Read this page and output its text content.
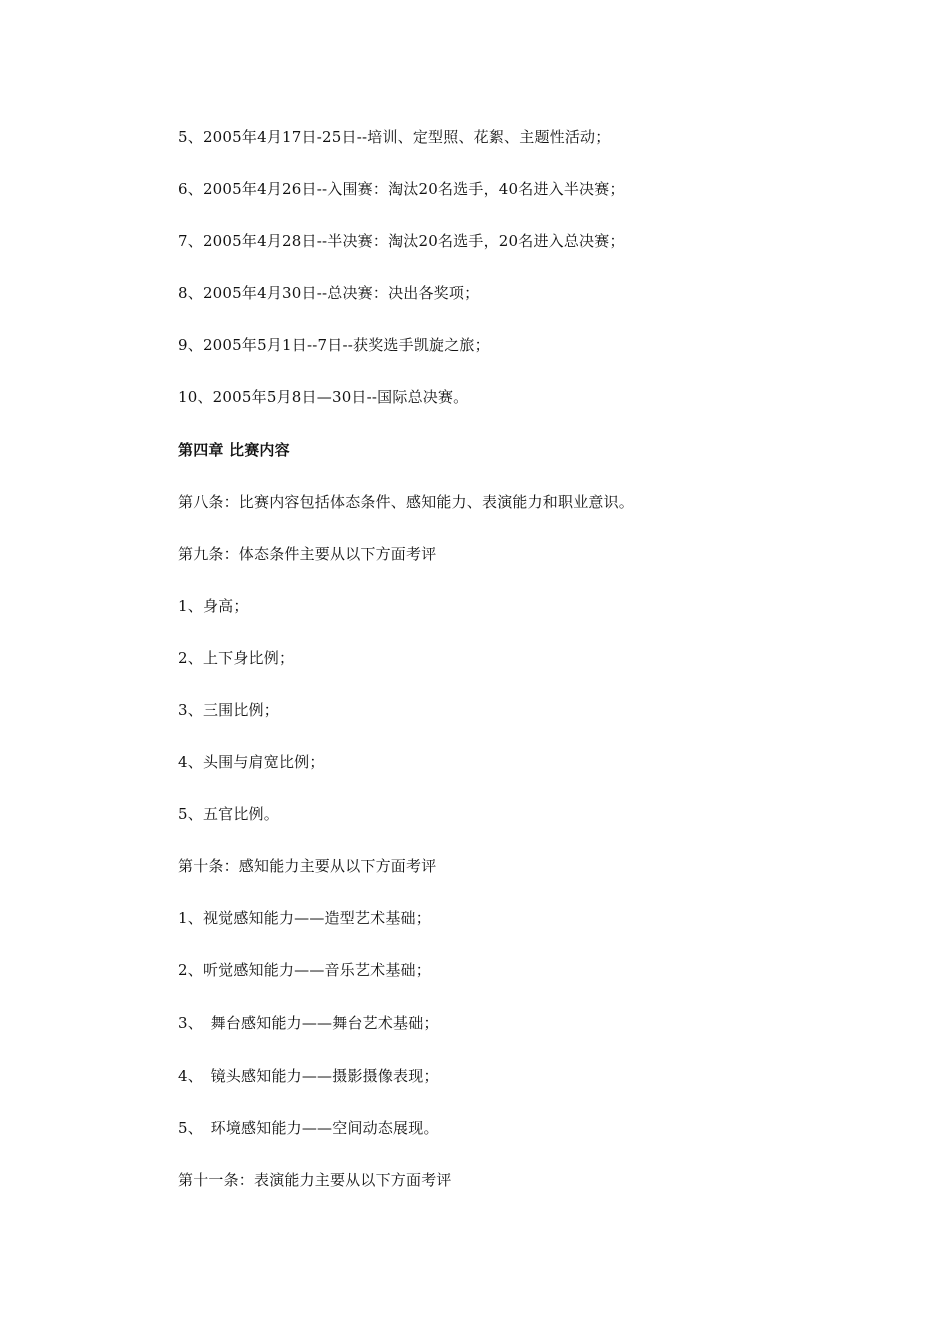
5、2005年4月17日-25日--培训、定型照、花絮、主题性活动；
6、2005年4月26日--入围赛：淘汰20名选手，40名进入半决赛；
7、2005年4月28日--半决赛：淘汰20名选手，20名进入总决赛；
8、2005年4月30日--总决赛：决出各奖项；
9、2005年5月1日--7日--获奖选手凯旋之旅；
10、2005年5月8日—30日--国际总决赛。
第四章 比赛内容
第八条：比赛内容包括体态条件、感知能力、表演能力和职业意识。
第九条：体态条件主要从以下方面考评
1、身高；
2、上下身比例；
3、三围比例；
4、头围与肩宽比例；
5、五官比例。
第十条：感知能力主要从以下方面考评
1、视觉感知能力——造型艺术基础；
2、听觉感知能力——音乐艺术基础；
3、　舞台感知能力——舞台艺术基础；
4、　镜头感知能力——摄影摄像表现；
5、　环境感知能力——空间动态展现。
第十一条：表演能力主要从以下方面考评
